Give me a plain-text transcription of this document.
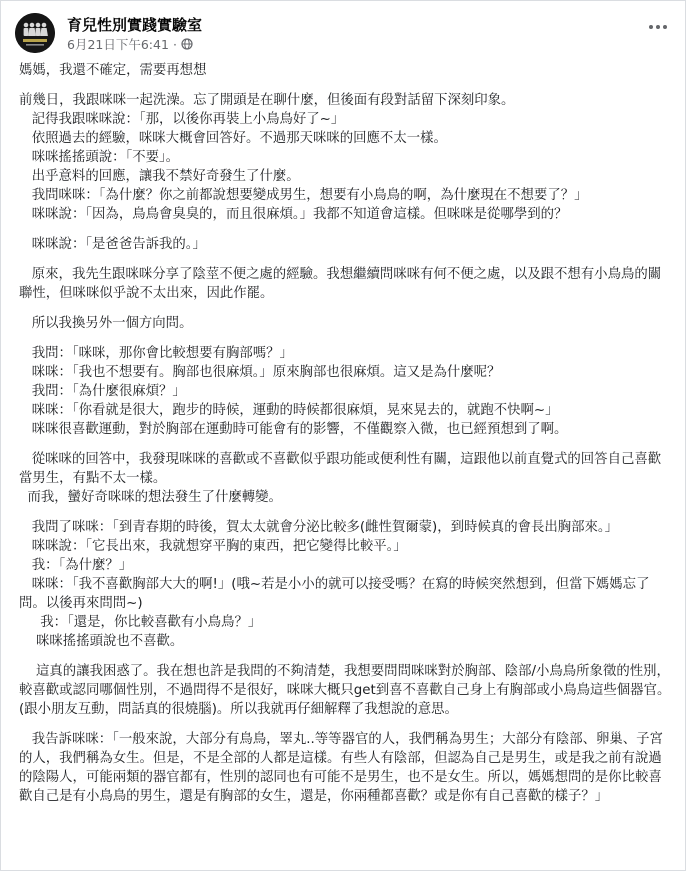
育兒性別實踐實驗室
6月21日下午6:41 ·

媽媽，我還不確定，需要再想想

前幾日，我跟咪咪一起洗澡。忘了開頭是在聊什麼，但後面有段對話留下深刻印象。

記得我跟咪咪說：「那，以後你再裝上小鳥鳥好了~」

依照過去的經驗，咪咪大概會回答好。不過那天咪咪的回應不太一樣。

咪咪搖搖頭說：「不要」。

出乎意料的回應，讓我不禁好奇發生了什麼。

我問咪咪：「為什麼？你之前都說想要變成男生，想要有小鳥鳥的啊，為什麼現在不想要了？」

咪咪說：「因為，鳥鳥會臭臭的，而且很麻煩。」我都不知道會這樣。但咪咪是從哪學到的？

咪咪說：「是爸爸告訴我的。」

原來，我先生跟咪咪分享了陰莖不便之處的經驗。我想繼續問咪咪有何不便之處，以及跟不想有小鳥鳥的關聯性，但咪咪似乎說不太出來，因此作罷。

所以我換另外一個方向問。

我問：「咪咪，那你會比較想要有胸部嗎？」

咪咪：「我也不想要有。胸部也很麻煩。」原來胸部也很麻煩。這又是為什麼呢？

我問：「為什麼很麻煩？」

咪咪：「你看就是很大，跑步的時候，運動的時候都很麻煩，晃來晃去的，就跑不快啊~」

咪咪很喜歡運動，對於胸部在運動時可能會有的影響，不僅觀察入微，也已經預想到了啊。

從咪咪的回答中，我發現咪咪的喜歡或不喜歡似乎跟功能或便利性有關，這跟他以前直覺式的回答自己喜歡當男生，有點不太一樣。

而我，蠻好奇咪咪的想法發生了什麼轉變。

我問了咪咪：「到青春期的時後，賀太太就會分泌比較多(雌性賀爾蒙)，到時候真的會長出胸部來。」

咪咪說：「它長出來，我就想穿平胸的東西，把它變得比較平。」

我：「為什麼？」

咪咪：「我不喜歡胸部大大的啊!」(哦~若是小小的就可以接受嗎？在寫的時候突然想到，但當下媽媽忘了問。以後再來問問~)

我：「還是，你比較喜歡有小鳥鳥？」

咪咪搖搖頭說也不喜歡。

這真的讓我困惑了。我在想也許是我問的不夠清楚，我想要問問咪咪對於胸部、陰部/小鳥鳥所象徵的性別，較喜歡或認同哪個性別，不過問得不是很好，咪咪大概只get到喜不喜歡自己身上有胸部或小鳥鳥這些個器官。(跟小朋友互動，問話真的很燒腦)。所以我就再仔細解釋了我想說的意思。

我告訴咪咪：「一般來說，大部分有鳥鳥，睪丸..等等器官的人，我們稱為男生；大部分有陰部、卵巢、子宮的人，我們稱為女生。但是，不是全部的人都是這樣。有些人有陰部，但認為自己是男生，或是我之前有說過的陰陽人，可能兩類的器官都有，性別的認同也有可能不是男生，也不是女生。所以，媽媽想問的是你比較喜歡自己是有小鳥鳥的男生，還是有胸部的女生，還是，你兩種都喜歡？或是你有自己喜歡的樣子？」
